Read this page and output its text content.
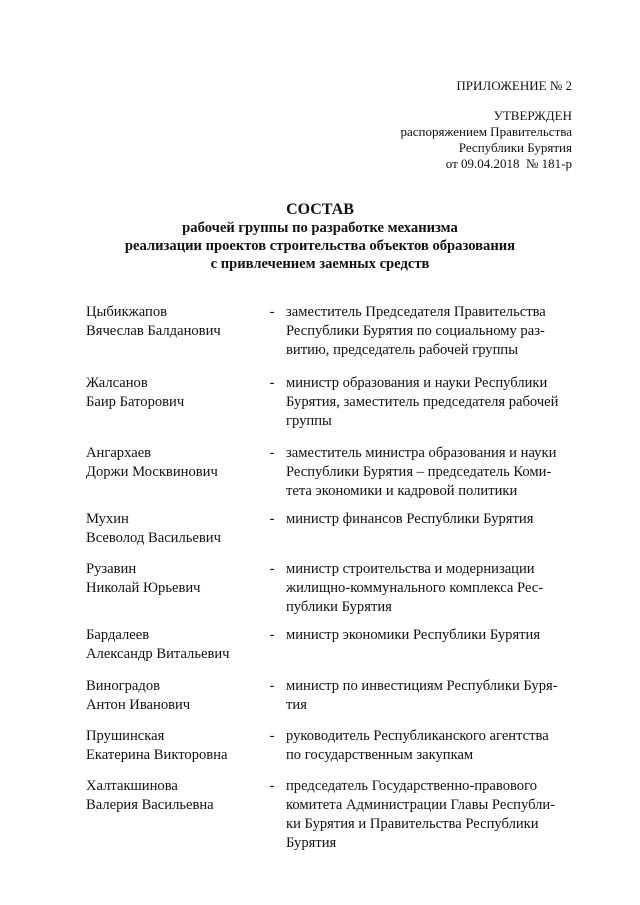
ПРИЛОЖЕНИЕ № 2
УТВЕРЖДЕН
распоряжением Правительства
Республики Бурятия
от 09.04.2018  № 181-р
СОСТАВ
рабочей группы по разработке механизма
реализации проектов строительства объектов образования
с привлечением заемных средств
Цыбикжапов
Вячеслав Балданович
- заместитель Председателя Правительства
Республики Бурятия по социальному раз-
витию, председатель рабочей группы
Жалсанов
Баир Баторович
- министр образования и науки Республики
Бурятия, заместитель председателя рабочей
группы
Ангархаев
Доржи Москвинович
- заместитель министра образования и науки
Республики Бурятия – председатель Коми-
тета экономики и кадровой политики
Мухин
Всеволод Васильевич
- министр финансов Республики Бурятия
Рузавин
Николай Юрьевич
- министр строительства и модернизации
жилищно-коммунального комплекса Рес-
публики Бурятия
Бардалеев
Александр Витальевич
- министр экономики Республики Бурятия
Виноградов
Антон Иванович
- министр по инвестициям Республики Буря-
тия
Прушинская
Екатерина Викторовна
- руководитель Республиканского агентства
по государственным закупкам
Халтакшинова
Валерия Васильевна
- председатель Государственно-правового
комитета Администрации Главы Республи-
ки Бурятия и Правительства Республики
Бурятия
